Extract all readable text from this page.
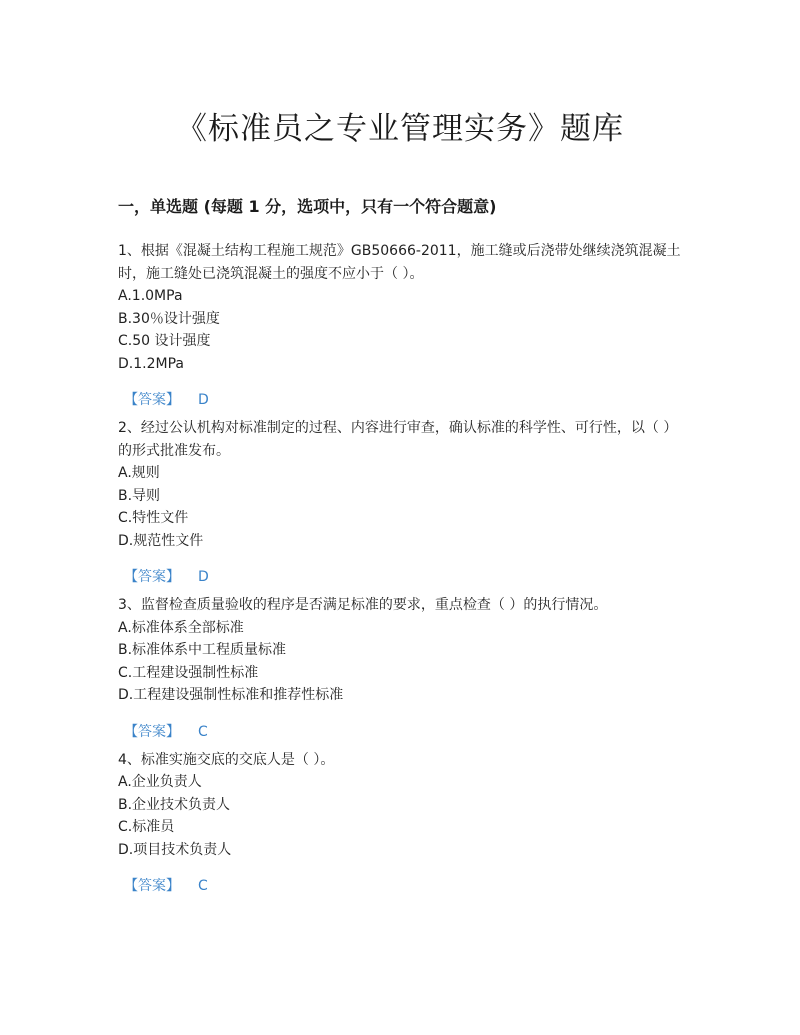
《标准员之专业管理实务》题库
一，单选题 (每题 1 分，选项中，只有一个符合题意)

1、根据《混凝土结构工程施工规范》GB50666-2011，施工缝或后浇带处继续浇筑混凝土时，施工缝处已浇筑混凝土的强度不应小于（ ）。

A.1.0MPa
B.30％设计强度
C.50 设计强度
D.1.2MPa
【答案】 D

2、经过公认机构对标准制定的过程、内容进行审查，确认标准的科学性、可行性，以（ ）的形式批准发布。

A.规则
B.导则
C.特性文件
D.规范性文件
【答案】 D

3、监督检查质量验收的程序是否满足标准的要求，重点检查（ ）的执行情况。

A.标准体系全部标准
B.标准体系中工程质量标准
C.工程建设强制性标准
D.工程建设强制性标准和推荐性标准
【答案】 C

4、标准实施交底的交底人是（ ）。

A.企业负责人
B.企业技术负责人
C.标准员
D.项目技术负责人
【答案】 C
